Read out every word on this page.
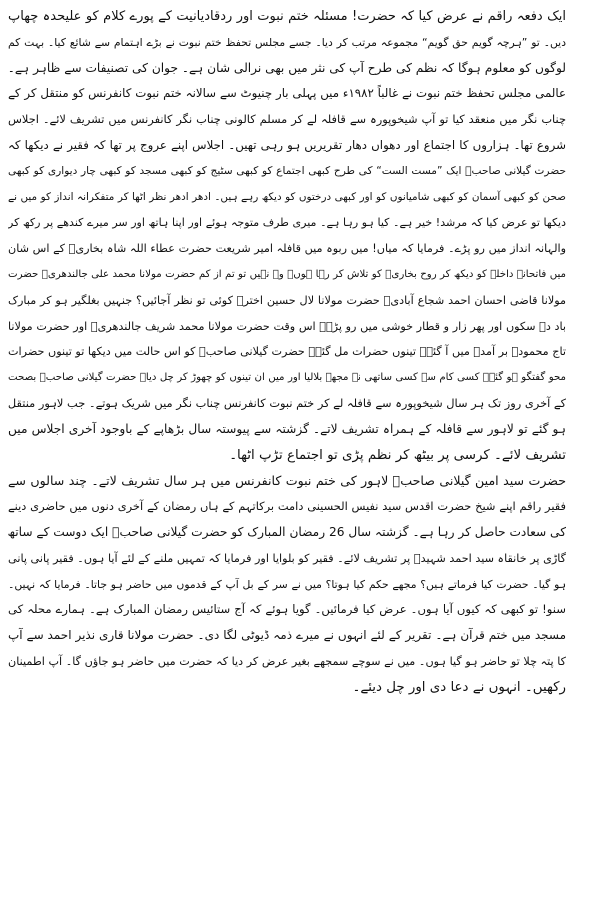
ایک دفعہ راقم نے عرض کیا کہ حضرت! مسئلہ ختم نبوت اور ردقادیانیت کے پورے کلام کو علیحدہ چھاپ
دیں۔ تو ”ہرچہ گویم حق گویم“ مجموعہ مرتب کر دیا۔ جسے مجلس تحفظ ختم نبوت نے بڑے اہتمام سے شائع کیا۔ بہت کم
لوگوں کو معلوم ہوگا کہ نظم کی طرح آپ کی نثر میں بھی نرالی شان ہے۔ جوان کی تصنیفات سے ظاہر ہے۔
عالمی مجلس تحفظ ختم نبوت نے غالباً ۱۹۸۲ء میں پہلی بار چنیوٹ سے سالانہ ختم نبوت کانفرنس کو منتقل کر کے
چناب نگر میں منعقد کیا تو آپ شیخوپورہ سے قافلہ لے کر مسلم کالونی چناب نگر کانفرنس میں تشریف لائے۔ اجلاس
شروع تھا۔ ہزاروں کا اجتماع اور دھواں دھار تقریریں ہو رہی تھیں۔ اجلاس اپنے عروج پر تھا کہ فقیر نے دیکھا کہ
حضرت گیلانی صاحبؒ ایک ”مست الست“ کی طرح کبھی اجتماع کو کبھی سٹیج کو کبھی مسجد کو کبھی چار دیواری کو کبھی
صحن کو کبھی آسمان کو کبھی شامیانوں کو اور کبھی درختوں کو دیکھ رہے ہیں۔ ادھر ادھر نظر اٹھا کر متفکرانہ انداز کو میں نے
دیکھا تو عرض کیا کہ مرشد! خیر ہے۔ کیا ہو رہا ہے۔ میری طرف متوجہ ہوئے اور اپنا ہاتھ اور سر میرے کندھے پر رکھ کر
والہانہ انداز میں رو پڑے۔ فرمایا کہ میاں! میں ربوہ میں قافلہ امیر شریعت حضرت عطاء اللہ شاہ بخاریؒ کے اس شان
میں فاتحانہ داخلہ کو دیکھ کر روح بخاریؒ کو تلاش کر رہا ہوں۔ وہ نہیں تو تم از کم حضرت مولانا محمد علی جالندھریؒ حضرت
مولانا قاضی احسان احمد شجاع آبادیؒ حضرت مولانا لال حسین اخترؒ کوئی تو نظر آجائیں؟ جنہیں بغلگیر ہو کر مبارک
باد دے سکوں اور پھر زار و قطار خوشی میں رو پڑے۔ اس وقت حضرت مولانا محمد شریف جالندھریؒ اور حضرت مولانا
تاج محمودؒ بر آمدہ میں آ گئے۔ تینوں حضرات مل گئے۔ حضرت گیلانی صاحبؒ کو اس حالت میں دیکھا تو تینوں حضرات
محو گفتگو ہو گئے۔ کسی کام سے کسی ساتھی نے مجھے بلالیا اور میں ان تینوں کو چھوڑ کر چل دیا۔ حضرت گیلانی صاحبؒ بصحت
کے آخری روز تک ہر سال شیخوپورہ سے قافلہ لے کر ختم نبوت کانفرنس چناب نگر میں شریک ہوتے۔ جب لاہور منتقل
ہو گئے تو لاہور سے قافلہ کے ہمراہ تشریف لاتے۔ گزشتہ سے پیوستہ سال بڑھاپے کے باوجود آخری اجلاس میں
تشریف لائے۔ کرسی پر بیٹھ کر نظم پڑی تو اجتماع تڑپ اٹھا۔
حضرت سید امین گیلانی صاحبؒ لاہور کی ختم نبوت کانفرنس میں ہر سال تشریف لاتے۔ چند سالوں سے
فقیر راقم اپنے شیخ حضرت اقدس سید نفیس الحسینی دامت برکاتہم کے ہاں رمضان کے آخری دنوں میں حاضری دینے
کی سعادت حاصل کر رہا ہے۔ گزشتہ سال 26 رمضان المبارک کو حضرت گیلانی صاحبؒ ایک دوست کے ساتھ
گاڑی پر خانقاہ سید احمد شہیدؒ پر تشریف لائے۔ فقیر کو بلوایا اور فرمایا کہ تمہیں ملنے کے لئے آیا ہوں۔ فقیر پانی پانی
ہو گیا۔ حضرت کیا فرماتے ہیں؟ مجھے حکم کیا ہوتا؟ میں نے سر کے بل آپ کے قدموں میں حاضر ہو جاتا۔ فرمایا کہ نہیں۔
سنو! تو کبھی کہ کیوں آیا ہوں۔ عرض کیا فرمائیں۔ گویا ہوئے کہ آج ستائیس رمضان المبارک ہے۔ ہمارے محلہ کی
مسجد میں ختم قرآن ہے۔ تقریر کے لئے انہوں نے میرے ذمہ ڈیوٹی لگا دی۔ حضرت مولانا قاری نذیر احمد سے آپ
کا پتہ چلا تو حاضر ہو گیا ہوں۔ میں نے سوچے سمجھے بغیر عرض کر دیا کہ حضرت میں حاضر ہو جاؤں گا۔ آپ اطمینان
رکھیں۔ انہوں نے دعا دی اور چل دیئے۔
